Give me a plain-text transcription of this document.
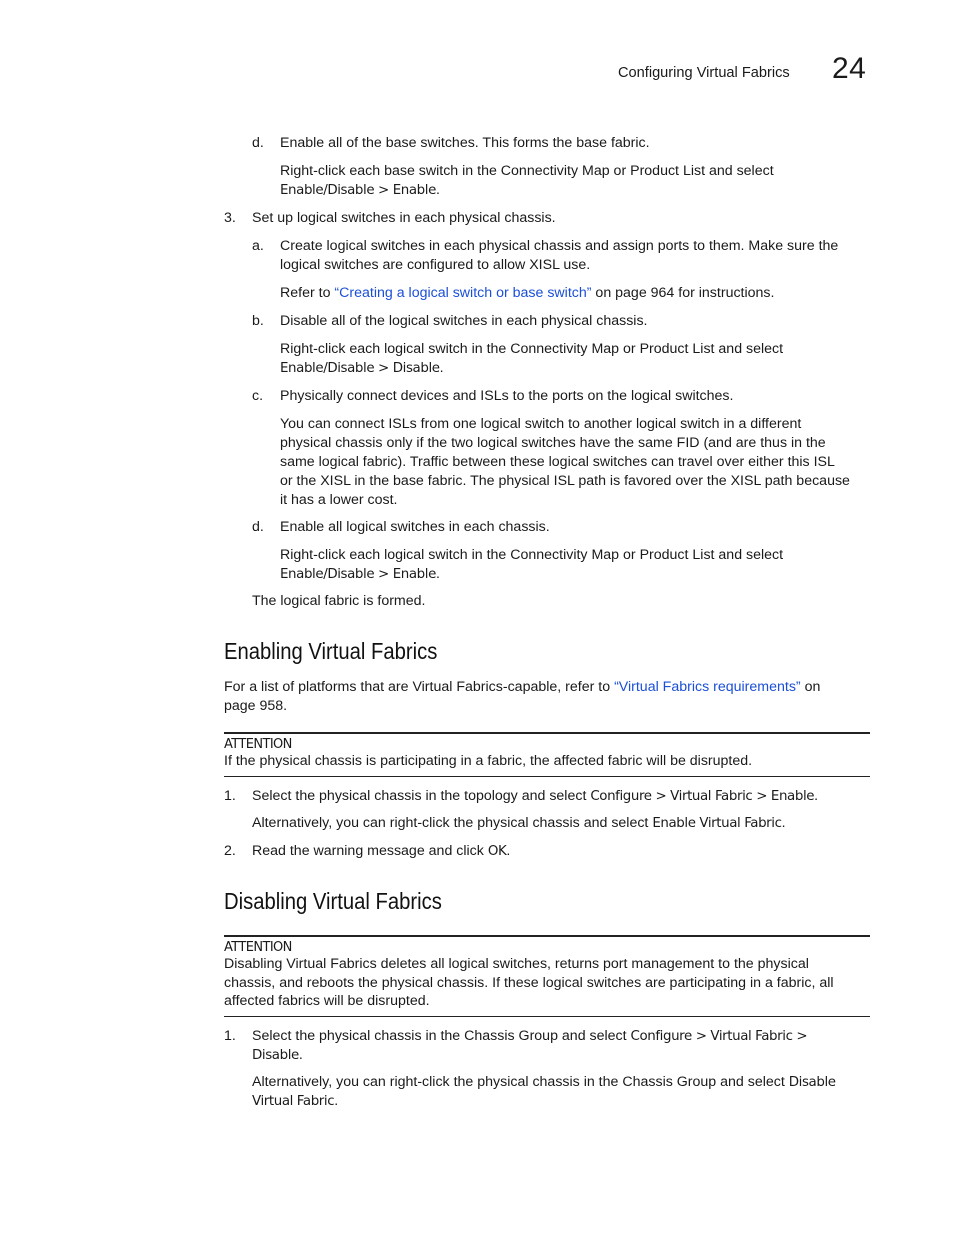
Configuring Virtual Fabrics 24
d. Enable all of the base switches. This forms the base fabric.
Right-click each base switch in the Connectivity Map or Product List and select
Enable/Disable > Enable.
3. Set up logical switches in each physical chassis.
a. Create logical switches in each physical chassis and assign ports to them. Make sure the
logical switches are configured to allow XISL use.
Refer to “Creating a logical switch or base switch” on page 964 for instructions.
b. Disable all of the logical switches in each physical chassis.
Right-click each logical switch in the Connectivity Map or Product List and select
Enable/Disable > Disable.
c. Physically connect devices and ISLs to the ports on the logical switches.
You can connect ISLs from one logical switch to another logical switch in a different
physical chassis only if the two logical switches have the same FID (and are thus in the
same logical fabric). Traffic between these logical switches can travel over either this ISL
or the XISL in the base fabric. The physical ISL path is favored over the XISL path because
it has a lower cost.
d. Enable all logical switches in each chassis.
Right-click each logical switch in the Connectivity Map or Product List and select
Enable/Disable > Enable.
The logical fabric is formed.
Enabling Virtual Fabrics
For a list of platforms that are Virtual Fabrics-capable, refer to “Virtual Fabrics requirements” on
page 958.
ATTENTION
If the physical chassis is participating in a fabric, the affected fabric will be disrupted.
1. Select the physical chassis in the topology and select Configure > Virtual Fabric > Enable.
Alternatively, you can right-click the physical chassis and select Enable Virtual Fabric.
2. Read the warning message and click OK.
Disabling Virtual Fabrics
ATTENTION
Disabling Virtual Fabrics deletes all logical switches, returns port management to the physical
chassis, and reboots the physical chassis. If these logical switches are participating in a fabric, all
affected fabrics will be disrupted.
1. Select the physical chassis in the Chassis Group and select Configure > Virtual Fabric >
Disable.
Alternatively, you can right-click the physical chassis in the Chassis Group and select Disable
Virtual Fabric.
